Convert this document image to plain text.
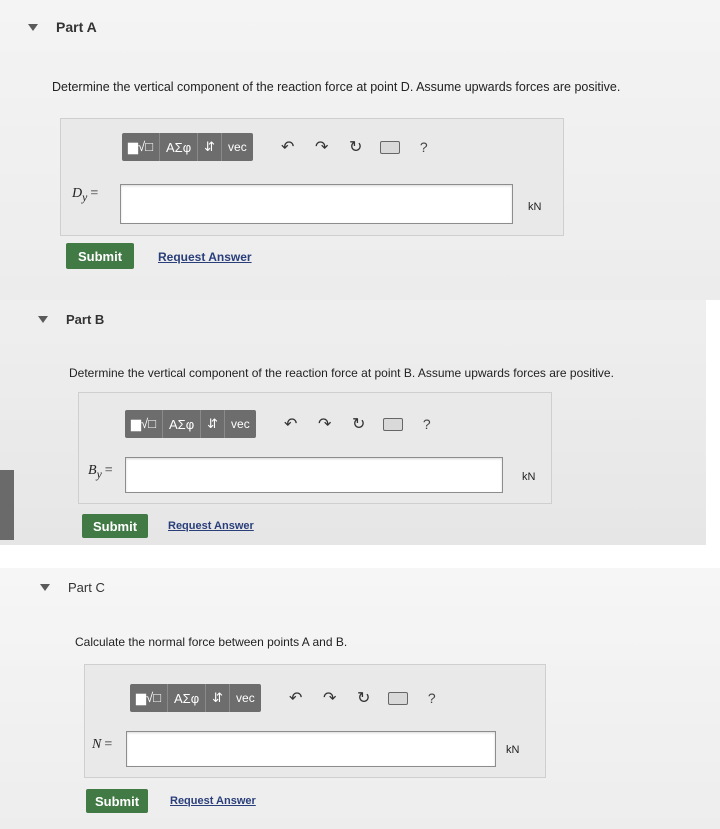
Part A
Determine the vertical component of the reaction force at point D. Assume upwards forces are positive.
▆√□	ΑΣφ	⇵	vec	↶	↷	↻	?
$D_y$ =
kN
Submit	Request Answer
Part B
Determine the vertical component of the reaction force at point B. Assume upwards forces are positive.
▆√□	ΑΣφ	⇵	vec	↶	↷	↻	?
$B_y$ =	kN
Submit	Request Answer
Part C
Calculate the normal force between points A and B.
▆√□	ΑΣφ	⇵	vec	↶	↷	↻	?
N =	kN
Submit	Request Answer
